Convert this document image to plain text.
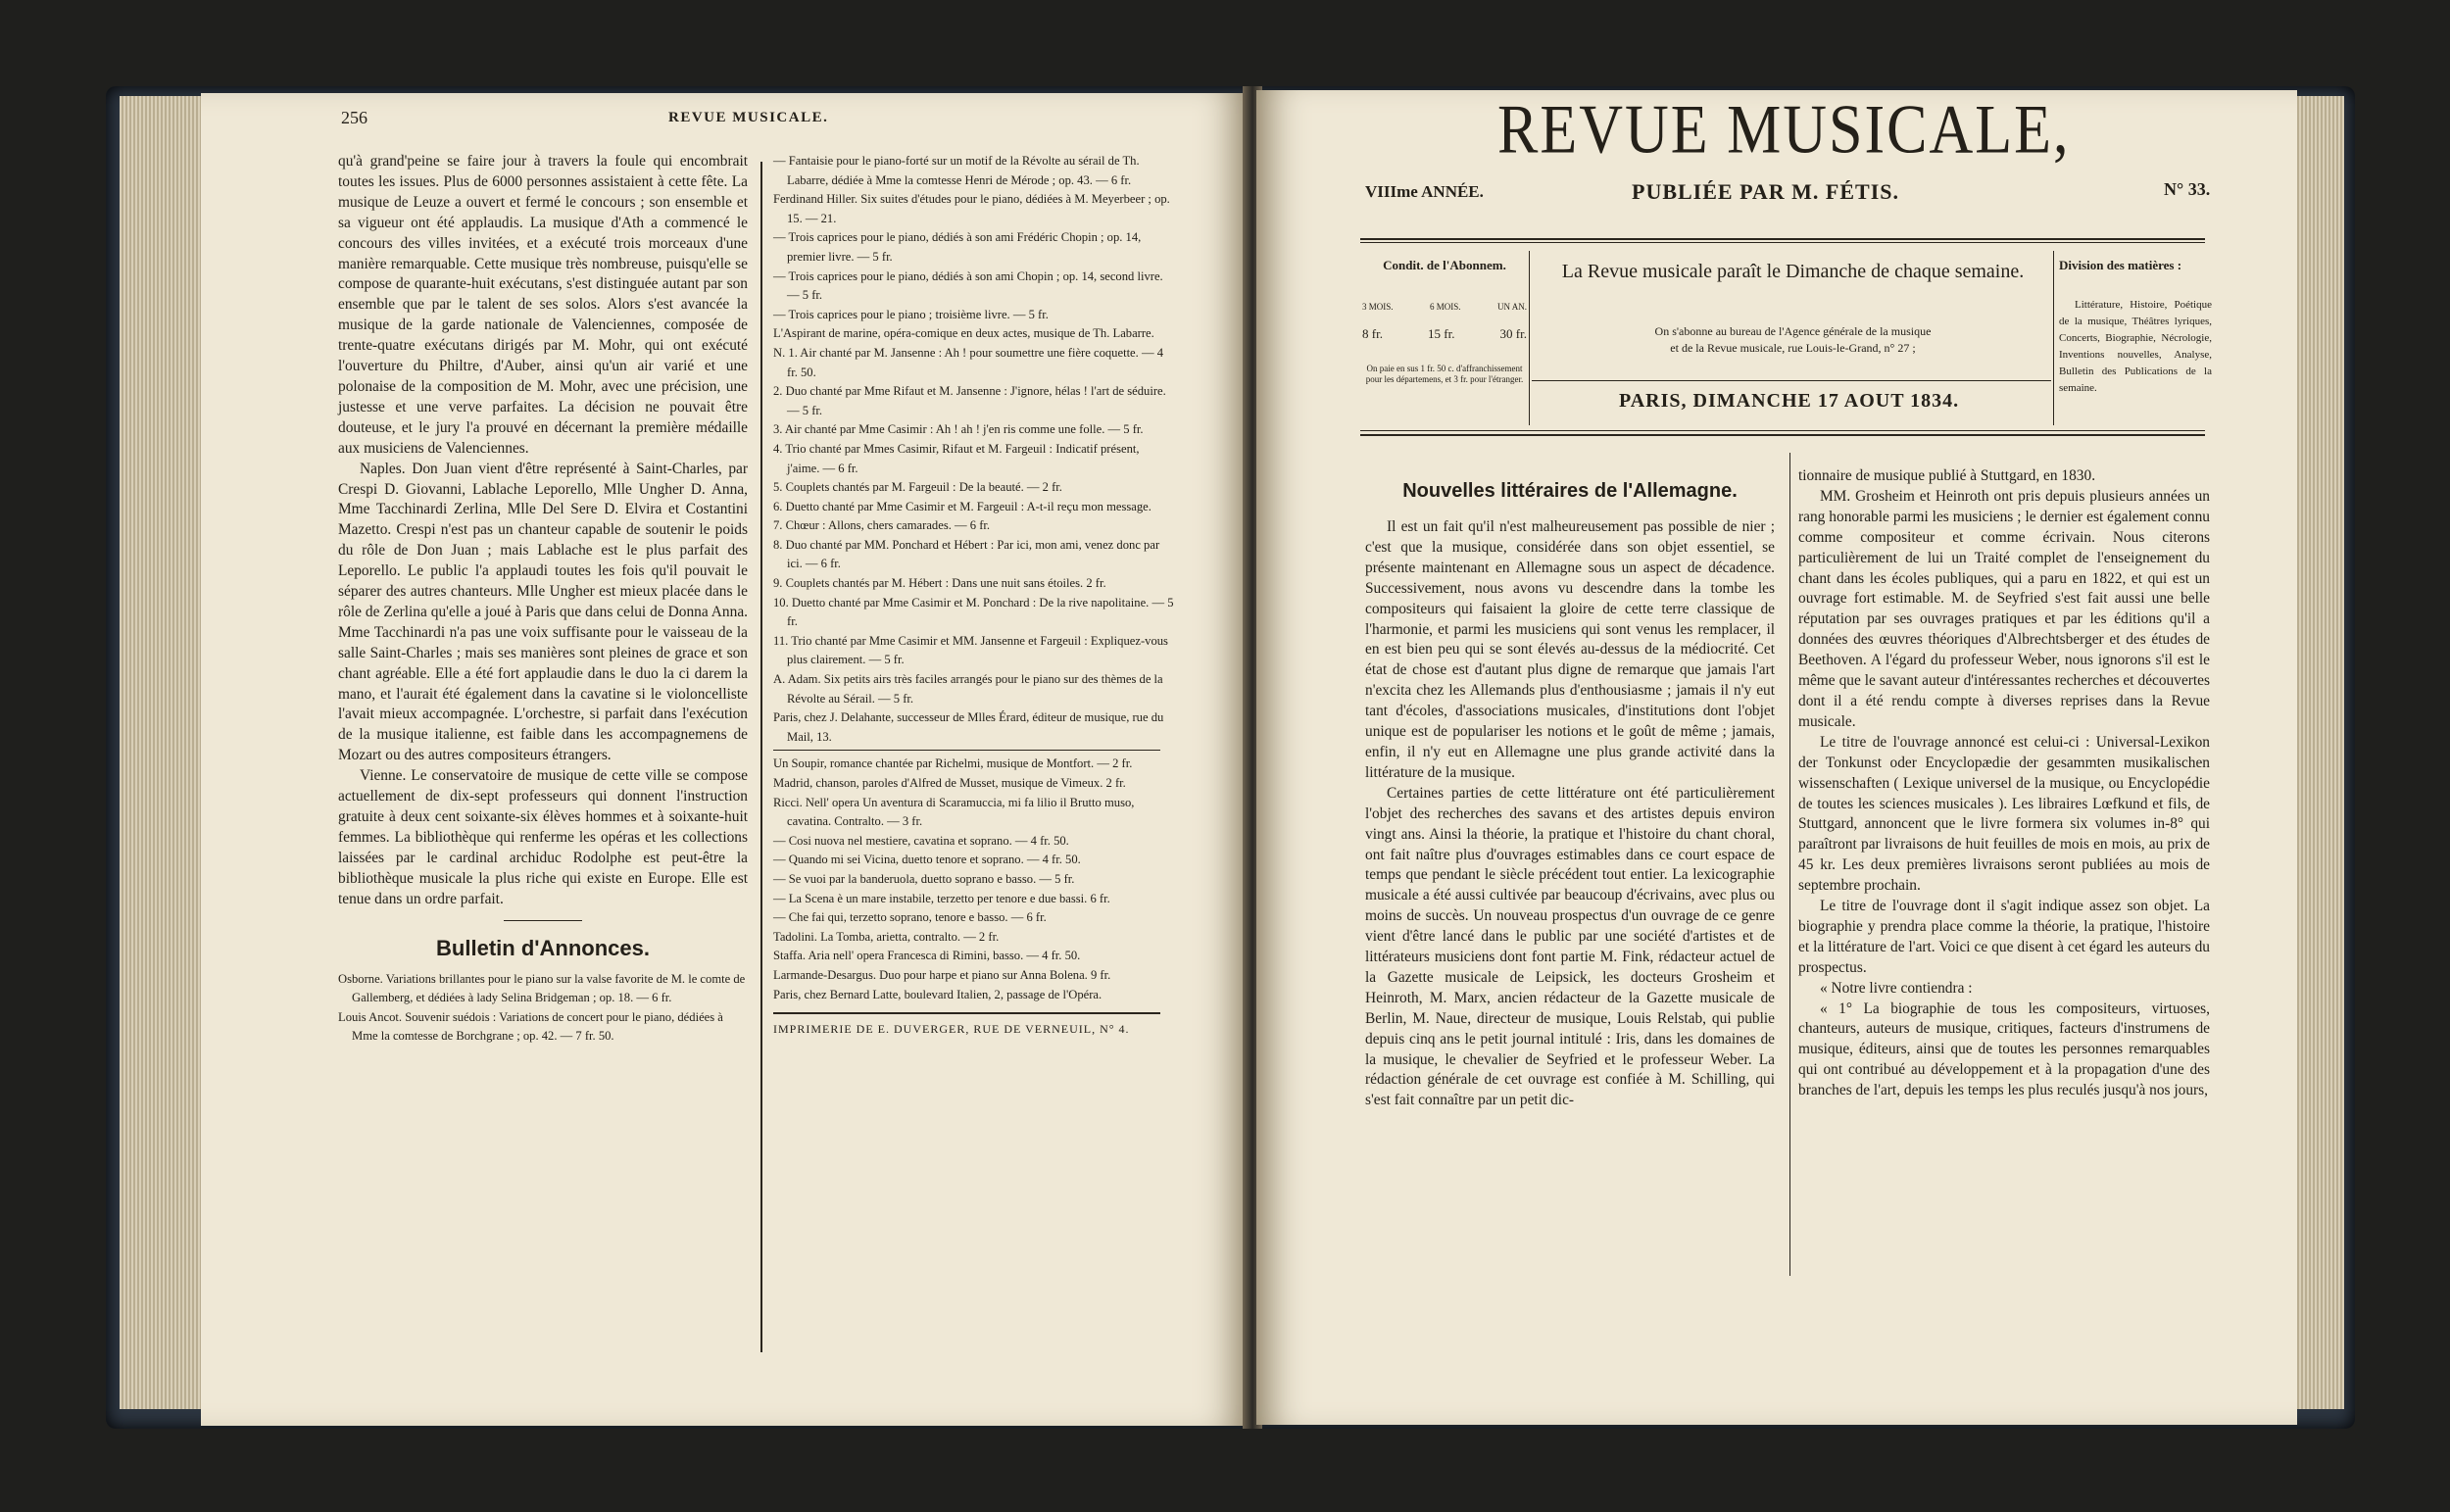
256	REVUE MUSICALE.

qu'à grand'peine se faire jour à travers la foule qui encombrait toutes les issues. Plus de 6000 personnes assistaient à cette fête. La musique de Leuze a ouvert et fermé le concours ; son ensemble et sa vigueur ont été applaudis. La musique d'Ath a commencé le concours des villes invitées, et a exécuté trois morceaux d'une manière remarquable. Cette musique très nombreuse, puisqu'elle se compose de quarante-huit exécutans, s'est distinguée autant par son ensemble que par le talent de ses solos. Alors s'est avancée la musique de la garde nationale de Valenciennes, composée de trente-quatre exécutans dirigés par M. Mohr, qui ont exécuté l'ouverture du Philtre, d'Auber, ainsi qu'un air varié et une polonaise de la composition de M. Mohr, avec une précision, une justesse et une verve parfaites. La décision ne pouvait être douteuse, et le jury l'a prouvé en décernant la première médaille aux musiciens de Valenciennes.

Naples. Don Juan vient d'être représenté à Saint-Charles, par Crespi D. Giovanni, Lablache Leporello, Mlle Ungher D. Anna, Mme Tacchinardi Zerlina, Mlle Del Sere D. Elvira et Costantini Mazetto. Crespi n'est pas un chanteur capable de soutenir le poids du rôle de Don Juan ; mais Lablache est le plus parfait des Leporello. Le public l'a applaudi toutes les fois qu'il pouvait le séparer des autres chanteurs. Mlle Ungher est mieux placée dans le rôle de Zerlina qu'elle a joué à Paris que dans celui de Donna Anna. Mme Tacchinardi n'a pas une voix suffisante pour le vaisseau de la salle Saint-Charles ; mais ses manières sont pleines de grace et son chant agréable. Elle a été fort applaudie dans le duo la ci darem la mano, et l'aurait été également dans la cavatine si le violoncelliste l'avait mieux accompagnée. L'orchestre, si parfait dans l'exécution de la musique italienne, est faible dans les accompagnemens de Mozart ou des autres compositeurs étrangers.

Vienne. Le conservatoire de musique de cette ville se compose actuellement de dix-sept professeurs qui donnent l'instruction gratuite à deux cent soixante-six élèves hommes et à soixante-huit femmes. La bibliothèque qui renferme les opéras et les collections laissées par le cardinal archiduc Rodolphe est peut-être la bibliothèque musicale la plus riche qui existe en Europe. Elle est tenue dans un ordre parfait.

Bulletin d'Annonces.

Osborne. Variations brillantes pour le piano sur la valse favorite de M. le comte de Gallemberg, et dédiées à lady Selina Bridgeman ; op. 18. — 6 fr.

Louis Ancot. Souvenir suédois : Variations de concert pour le piano, dédiées à Mme la comtesse de Borchgrane ; op. 42. — 7 fr. 50.

— Fantaisie pour le piano-forté sur un motif de la Révolte au sérail de Th. Labarre, dédiée à Mme la comtesse Henri de Mérode ; op. 43. — 6 fr.

Ferdinand Hiller. Six suites d'études pour le piano, dédiées à M. Meyerbeer ; op. 15. — 21.

— Trois caprices pour le piano, dédiés à son ami Frédéric Chopin ; op. 14, premier livre. — 5 fr.

— Trois caprices pour le piano, dédiés à son ami Chopin ; op. 14, second livre. — 5 fr.

— Trois caprices pour le piano ; troisième livre. — 5 fr.

L'Aspirant de marine, opéra-comique en deux actes, musique de Th. Labarre.

N. 1. Air chanté par M. Jansenne : Ah ! pour soumettre une fière coquette. — 4 fr. 50.

2. Duo chanté par Mme Rifaut et M. Jansenne : J'ignore, hélas ! l'art de séduire. — 5 fr.

3. Air chanté par Mme Casimir : Ah ! ah ! j'en ris comme une folle. — 5 fr.

4. Trio chanté par Mmes Casimir, Rifaut et M. Fargeuil : Indicatif présent, j'aime. — 6 fr.

5. Couplets chantés par M. Fargeuil : De la beauté. — 2 fr.

6. Duetto chanté par Mme Casimir et M. Fargeuil : A-t-il reçu mon message.

7. Chœur : Allons, chers camarades. — 6 fr.

8. Duo chanté par MM. Ponchard et Hébert : Par ici, mon ami, venez donc par ici. — 6 fr.

9. Couplets chantés par M. Hébert : Dans une nuit sans étoiles. 2 fr.

10. Duetto chanté par Mme Casimir et M. Ponchard : De la rive napolitaine. — 5 fr.

11. Trio chanté par Mme Casimir et MM. Jansenne et Fargeuil : Expliquez-vous plus clairement. — 5 fr.

A. Adam. Six petits airs très faciles arrangés pour le piano sur des thèmes de la Révolte au Sérail. — 5 fr.

Paris, chez J. Delahante, successeur de Mlles Érard, éditeur de musique, rue du Mail, 13.

Un Soupir, romance chantée par Richelmi, musique de Montfort. — 2 fr.

Madrid, chanson, paroles d'Alfred de Musset, musique de Vimeux. 2 fr.

Ricci. Nell' opera Un aventura di Scaramuccia, mi fa lilio il Brutto muso, cavatina. Contralto. — 3 fr.

— Cosi nuova nel mestiere, cavatina et soprano. — 4 fr. 50.

— Quando mi sei Vicina, duetto tenore et soprano. — 4 fr. 50.

— Se vuoi par la banderuola, duetto soprano e basso. — 5 fr.

— La Scena è un mare instabile, terzetto per tenore e due bassi. 6 fr.

— Che fai qui, terzetto soprano, tenore e basso. — 6 fr.

Tadolini. La Tomba, arietta, contralto. — 2 fr.

Staffa. Aria nell' opera Francesca di Rimini, basso. — 4 fr. 50.

Larmande-Desargus. Duo pour harpe et piano sur Anna Bolena. 9 fr.

Paris, chez Bernard Latte, boulevard Italien, 2, passage de l'Opéra.

IMPRIMERIE DE E. DUVERGER, RUE DE VERNEUIL, N° 4.
REVUE MUSICALE,
VIIIme ANNÉE.	PUBLIÉE PAR M. FÉTIS.	N° 33.
Condit. de l'Abonnem.
3 MOIS.	6 MOIS.	UN AN.
8 fr.	15 fr.	30 fr.
On paie en sus 1 fr. 50 c. d'affranchissement pour les départemens, et 3 fr. pour l'étranger.
La Revue musicale paraît le Dimanche de chaque semaine.
On s'abonne au bureau de l'Agence générale de la musique
et de la Revue musicale, rue Louis-le-Grand, n° 27 ;
PARIS, DIMANCHE 17 AOUT 1834.
Division des matières :
Littérature, Histoire, Poétique de la musique, Théâtres lyriques, Concerts, Biographie, Nécrologie, Inventions nouvelles, Analyse, Bulletin des Publications de la semaine.
Nouvelles littéraires de l'Allemagne.

Il est un fait qu'il n'est malheureusement pas possible de nier ; c'est que la musique, considérée dans son objet essentiel, se présente maintenant en Allemagne sous un aspect de décadence. Successivement, nous avons vu descendre dans la tombe les compositeurs qui faisaient la gloire de cette terre classique de l'harmonie, et parmi les musiciens qui sont venus les remplacer, il en est bien peu qui se sont élevés au-dessus de la médiocrité. Cet état de chose est d'autant plus digne de remarque que jamais l'art n'excita chez les Allemands plus d'enthousiasme ; jamais il n'y eut tant d'écoles, d'associations musicales, d'institutions dont l'objet unique est de populariser les notions et le goût de même ; jamais, enfin, il n'y eut en Allemagne une plus grande activité dans la littérature de la musique.

Certaines parties de cette littérature ont été particulièrement l'objet des recherches des savans et des artistes depuis environ vingt ans. Ainsi la théorie, la pratique et l'histoire du chant choral, ont fait naître plus d'ouvrages estimables dans ce court espace de temps que pendant le siècle précédent tout entier. La lexicographie musicale a été aussi cultivée par beaucoup d'écrivains, avec plus ou moins de succès. Un nouveau prospectus d'un ouvrage de ce genre vient d'être lancé dans le public par une société d'artistes et de littérateurs musiciens dont font partie M. Fink, rédacteur actuel de la Gazette musicale de Leipsick, les docteurs Grosheim et Heinroth, M. Marx, ancien rédacteur de la Gazette musicale de Berlin, M. Naue, directeur de musique, Louis Relstab, qui publie depuis cinq ans le petit journal intitulé : Iris, dans les domaines de la musique, le chevalier de Seyfried et le professeur Weber. La rédaction générale de cet ouvrage est confiée à M. Schilling, qui s'est fait connaître par un petit dic-

tionnaire de musique publié à Stuttgard, en 1830.

MM. Grosheim et Heinroth ont pris depuis plusieurs années un rang honorable parmi les musiciens ; le dernier est également connu comme compositeur et comme écrivain. Nous citerons particulièrement de lui un Traité complet de l'enseignement du chant dans les écoles publiques, qui a paru en 1822, et qui est un ouvrage fort estimable. M. de Seyfried s'est fait aussi une belle réputation par ses ouvrages pratiques et par les éditions qu'il a données des œuvres théoriques d'Albrechtsberger et des études de Beethoven. A l'égard du professeur Weber, nous ignorons s'il est le même que le savant auteur d'intéressantes recherches et découvertes dont il a été rendu compte à diverses reprises dans la Revue musicale.

Le titre de l'ouvrage annoncé est celui-ci : Universal-Lexikon der Tonkunst oder Encyclopædie der gesammten musikalischen wissenschaften ( Lexique universel de la musique, ou Encyclopédie de toutes les sciences musicales ). Les libraires Lœfkund et fils, de Stuttgard, annoncent que le livre formera six volumes in-8° qui paraîtront par livraisons de huit feuilles de mois en mois, au prix de 45 kr. Les deux premières livraisons seront publiées au mois de septembre prochain.

Le titre de l'ouvrage dont il s'agit indique assez son objet. La biographie y prendra place comme la théorie, la pratique, l'histoire et la littérature de l'art. Voici ce que disent à cet égard les auteurs du prospectus.

« Notre livre contiendra :

« 1° La biographie de tous les compositeurs, virtuoses, chanteurs, auteurs de musique, critiques, facteurs d'instrumens de musique, éditeurs, ainsi que de toutes les personnes remarquables qui ont contribué au développement et à la propagation d'une des branches de l'art, depuis les temps les plus reculés jusqu'à nos jours,
